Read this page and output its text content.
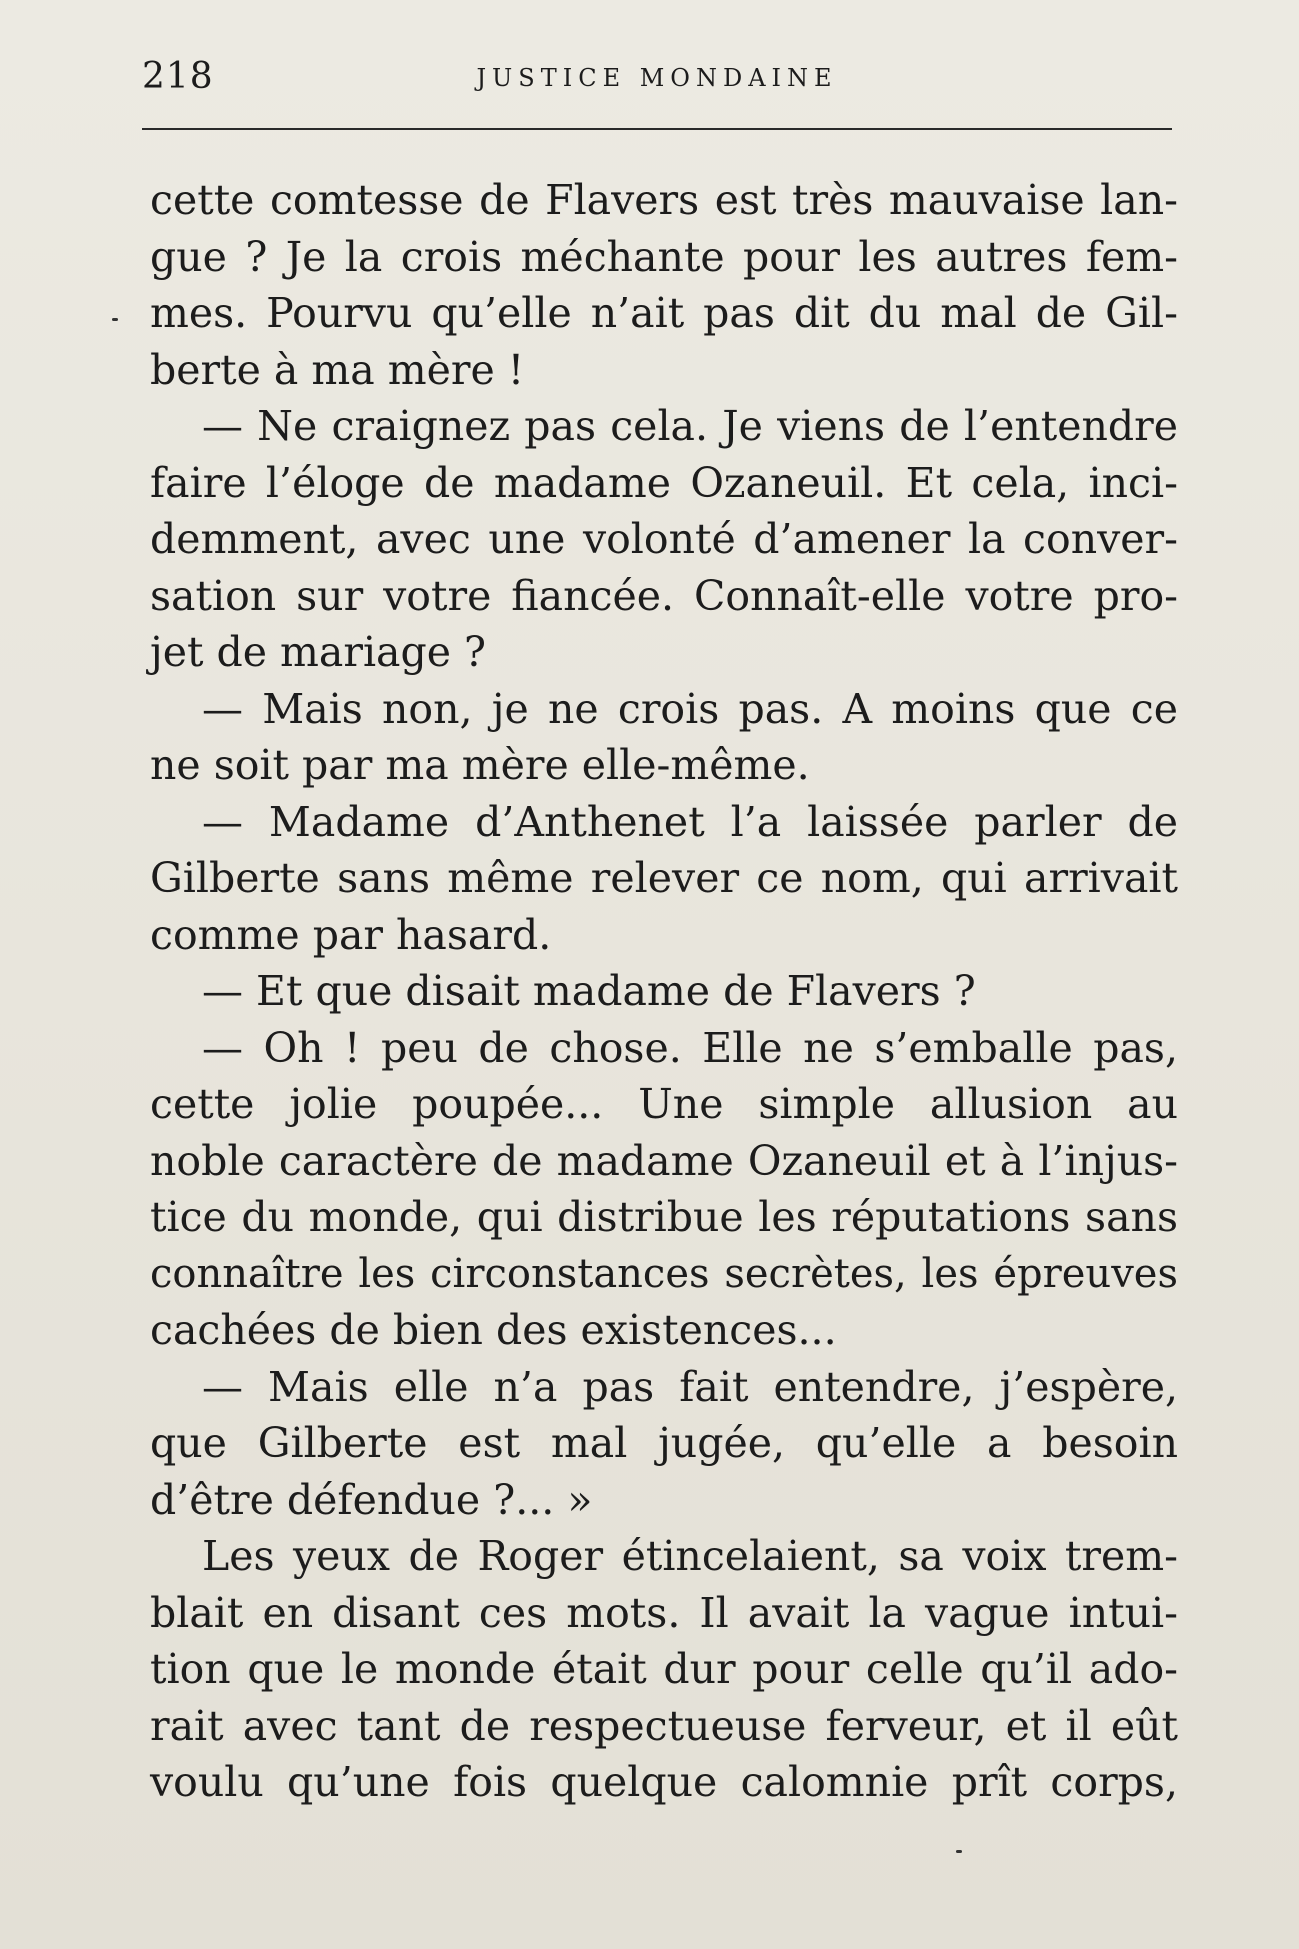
218	JUSTICE MONDAINE
cette comtesse de Flavers est très mauvaise lan-
gue ? Je la crois méchante pour les autres fem-
mes. Pourvu qu’elle n’ait pas dit du mal de Gil-
berte à ma mère !
— Ne craignez pas cela. Je viens de l’entendre
faire l’éloge de madame Ozaneuil. Et cela, inci-
demment, avec une volonté d’amener la conver-
sation sur votre fiancée. Connaît-elle votre pro-
jet de mariage ?
— Mais non, je ne crois pas. A moins que ce
ne soit par ma mère elle-même.
— Madame d’Anthenet l’a laissée parler de
Gilberte sans même relever ce nom, qui arrivait
comme par hasard.
— Et que disait madame de Flavers ?
— Oh ! peu de chose. Elle ne s’emballe pas,
cette jolie poupée... Une simple allusion au
noble caractère de madame Ozaneuil et à l’injus-
tice du monde, qui distribue les réputations sans
connaître les circonstances secrètes, les épreuves
cachées de bien des existences...
— Mais elle n’a pas fait entendre, j’espère,
que Gilberte est mal jugée, qu’elle a besoin
d’être défendue ?... »
Les yeux de Roger étincelaient, sa voix trem-
blait en disant ces mots. Il avait la vague intui-
tion que le monde était dur pour celle qu’il ado-
rait avec tant de respectueuse ferveur, et il eût
voulu qu’une fois quelque calomnie prît corps,
